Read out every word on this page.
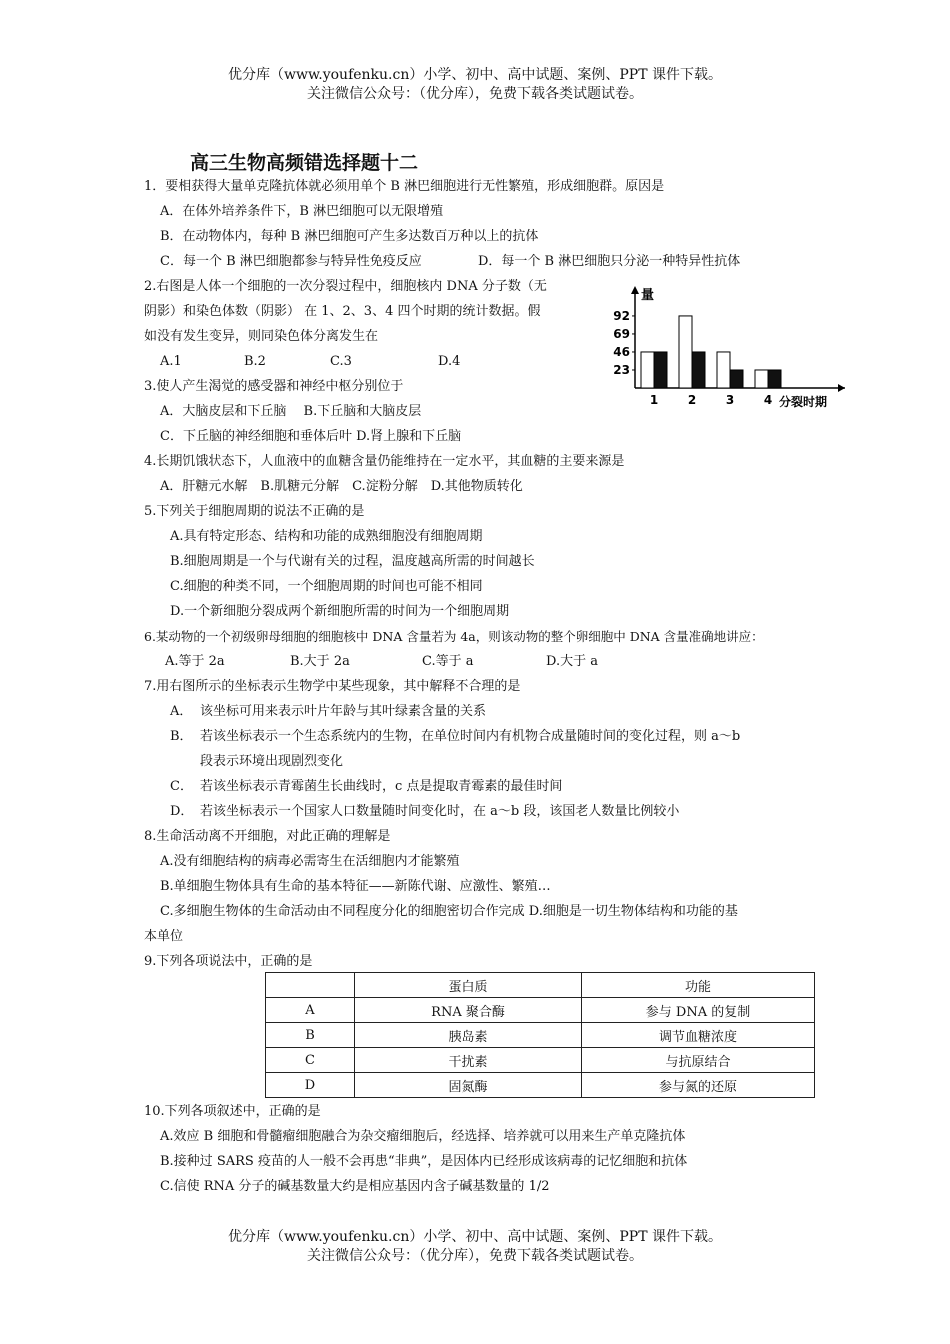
优分库（www.youfenku.cn）小学、初中、高中试题、案例、PPT 课件下载。
关注微信公众号：（优分库），免费下载各类试题试卷。
高三生物高频错选择题十二
1．要相获得大量单克隆抗体就必须用单个 B 淋巴细胞进行无性繁殖，形成细胞群。原因是
A．在体外培养条件下，B 淋巴细胞可以无限增殖
B．在动物体内，每种 B 淋巴细胞可产生多达数百万种以上的抗体
C．每一个 B 淋巴细胞都参与特异性免疫反应	D．每一个 B 淋巴细胞只分泌一种特异性抗体
2.右图是人体一个细胞的一次分裂过程中，细胞核内 DNA 分子数（无
阴影）和染色体数（阴影） 在 1、2、3、4 四个时期的统计数据。假
如没有发生变异，则同染色体分离发生在
A.1	B.2	C.3	D.4
量
23
46
69
92
1 2 3 4 分裂时期
3.使人产生渴觉的感受器和神经中枢分别位于
A．大脑皮层和下丘脑　 B.下丘脑和大脑皮层
C．下丘脑的神经细胞和垂体后叶 D.肾上腺和下丘脑
4.长期饥饿状态下，人血液中的血糖含量仍能维持在一定水平，其血糖的主要来源是
A．肝糖元水解　B.肌糖元分解　C.淀粉分解　D.其他物质转化
5.下列关于细胞周期的说法不正确的是
A.具有特定形态、结构和功能的成熟细胞没有细胞周期
B.细胞周期是一个与代谢有关的过程，温度越高所需的时间越长
C.细胞的种类不同，一个细胞周期的时间也可能不相同
D.一个新细胞分裂成两个新细胞所需的时间为一个细胞周期
6.某动物的一个初级卵母细胞的细胞核中 DNA 含量若为 4a，则该动物的整个卵细胞中 DNA 含量准确地讲应：
A.等于 2a	B.大于 2a	C.等于 a	D.大于 a
7.用右图所示的坐标表示生物学中某些现象，其中解释不合理的是
A． 该坐标可用来表示叶片年龄与其叶绿素含量的关系
B． 若该坐标表示一个生态系统内的生物，在单位时间内有机物合成量随时间的变化过程，则 a～b
段表示环境出现剧烈变化
C． 若该坐标表示青霉菌生长曲线时，c 点是提取青霉素的最佳时间
D． 若该坐标表示一个国家人口数量随时间变化时，在 a～b 段，该国老人数量比例较小
8.生命活动离不开细胞，对此正确的理解是
A.没有细胞结构的病毒必需寄生在活细胞内才能繁殖
B.单细胞生物体具有生命的基本特征——新陈代谢、应激性、繁殖…
C.多细胞生物体的生命活动由不同程度分化的细胞密切合作完成 D.细胞是一切生物体结构和功能的基
本单位
9.下列各项说法中，正确的是
	蛋白质	功能
A	RNA 聚合酶	参与 DNA 的复制
B	胰岛素	调节血糖浓度
C	干扰素	与抗原结合
D	固氮酶	参与氮的还原
10.下列各项叙述中，正确的是
A.效应 B 细胞和骨髓瘤细胞融合为杂交瘤细胞后，经选择、培养就可以用来生产单克隆抗体
B.接种过 SARS 疫苗的人一般不会再患“非典”，是因体内已经形成该病毒的记忆细胞和抗体
C.信使 RNA 分子的碱基数量大约是相应基因内含子碱基数量的 1/2
优分库（www.youfenku.cn）小学、初中、高中试题、案例、PPT 课件下载。
关注微信公众号：（优分库），免费下载各类试题试卷。
